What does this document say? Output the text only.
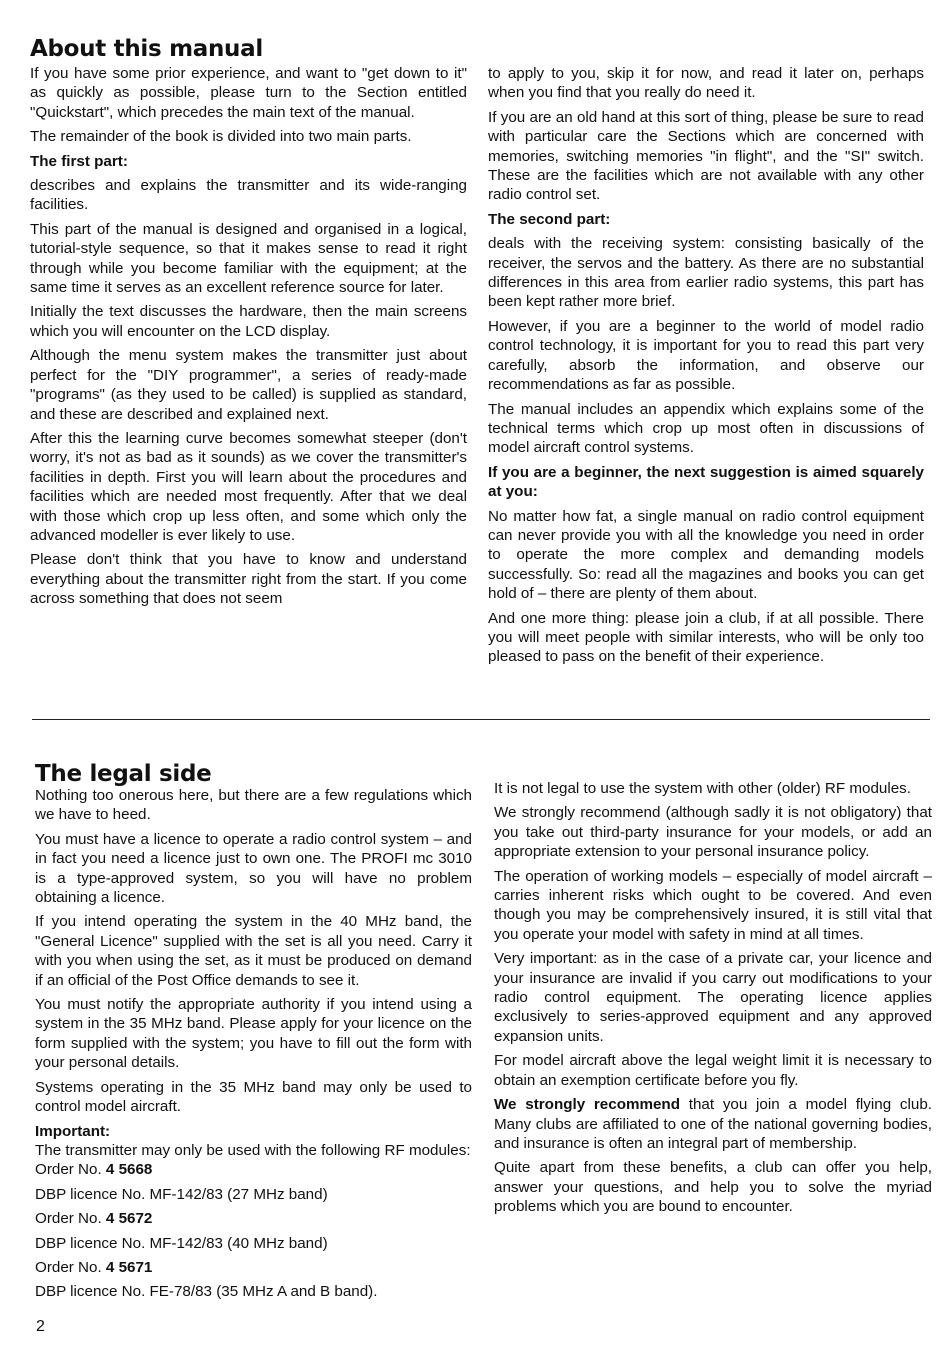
About this manual

If you have some prior experience, and want to "get down to it" as quickly as possible, please turn to the Section entitled "Quickstart", which precedes the main text of the manual.

The remainder of the book is divided into two main parts.

The first part:

describes and explains the transmitter and its wide-ranging facilities.

This part of the manual is designed and organised in a logical, tutorial-style sequence, so that it makes sense to read it right through while you become familiar with the equipment; at the same time it serves as an excellent reference source for later.

Initially the text discusses the hardware, then the main screens which you will encounter on the LCD display.

Although the menu system makes the transmitter just about perfect for the "DIY programmer", a series of ready-made "programs" (as they used to be called) is supplied as standard, and these are described and explained next.

After this the learning curve becomes somewhat steeper (don't worry, it's not as bad as it sounds) as we cover the transmitter's facilities in depth. First you will learn about the procedures and facilities which are needed most frequently. After that we deal with those which crop up less often, and some which only the advanced modeller is ever likely to use.

Please don't think that you have to know and understand everything about the transmitter right from the start. If you come across something that does not seem

to apply to you, skip it for now, and read it later on, perhaps when you find that you really do need it.

If you are an old hand at this sort of thing, please be sure to read with particular care the Sections which are concerned with memories, switching memories "in flight", and the "SI" switch. These are the facilities which are not available with any other radio control set.

The second part:

deals with the receiving system: consisting basically of the receiver, the servos and the battery. As there are no substantial differences in this area from earlier radio systems, this part has been kept rather more brief.

However, if you are a beginner to the world of model radio control technology, it is important for you to read this part very carefully, absorb the information, and observe our recommendations as far as possible.

The manual includes an appendix which explains some of the technical terms which crop up most often in discussions of model aircraft control systems.

If you are a beginner, the next suggestion is aimed squarely at you:

No matter how fat, a single manual on radio control equipment can never provide you with all the knowledge you need in order to operate the more complex and demanding models successfully. So: read all the magazines and books you can get hold of – there are plenty of them about.

And one more thing: please join a club, if at all possible. There you will meet people with similar interests, who will be only too pleased to pass on the benefit of their experience.

The legal side

Nothing too onerous here, but there are a few regulations which we have to heed.

You must have a licence to operate a radio control system – and in fact you need a licence just to own one. The PROFI mc 3010 is a type-approved system, so you will have no problem obtaining a licence.

If you intend operating the system in the 40 MHz band, the "General Licence" supplied with the set is all you need. Carry it with you when using the set, as it must be produced on demand if an official of the Post Office demands to see it.

You must notify the appropriate authority if you intend using a system in the 35 MHz band. Please apply for your licence on the form supplied with the system; you have to fill out the form with your personal details.

Systems operating in the 35 MHz band may only be used to control model aircraft.

Important:

The transmitter may only be used with the following RF modules:

Order No. 4 5668

DBP licence No. MF-142/83 (27 MHz band)

Order No. 4 5672

DBP licence No. MF-142/83 (40 MHz band)

Order No. 4 5671

DBP licence No. FE-78/83 (35 MHz A and B band).

It is not legal to use the system with other (older) RF modules.

We strongly recommend (although sadly it is not obligatory) that you take out third-party insurance for your models, or add an appropriate extension to your personal insurance policy.

The operation of working models – especially of model aircraft – carries inherent risks which ought to be covered. And even though you may be comprehensively insured, it is still vital that you operate your model with safety in mind at all times.

Very important: as in the case of a private car, your licence and your insurance are invalid if you carry out modifications to your radio control equipment. The operating licence applies exclusively to series-approved equipment and any approved expansion units.

For model aircraft above the legal weight limit it is necessary to obtain an exemption certificate before you fly.

We strongly recommend that you join a model flying club. Many clubs are affiliated to one of the national governing bodies, and insurance is often an integral part of membership.

Quite apart from these benefits, a club can offer you help, answer your questions, and help you to solve the myriad problems which you are bound to encounter.

2
